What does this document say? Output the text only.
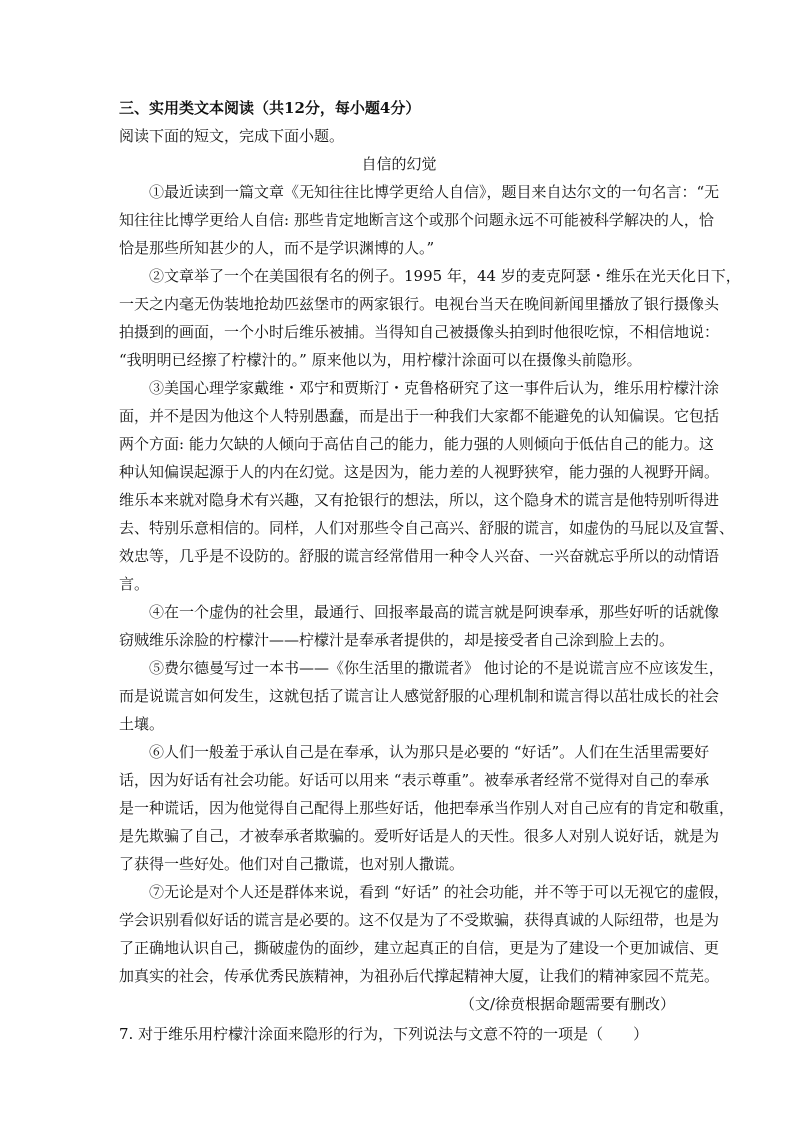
三、实用类文本阅读（共12分，每小题4分）
阅读下面的短文，完成下面小题。
自信的幻觉
①最近读到一篇文章《无知往往比博学更给人自信》，题目来自达尔文的一句名言：“无
知往往比博学更给人自信: 那些肯定地断言这个或那个问题永远不可能被科学解决的人，恰
恰是那些所知甚少的人，而不是学识渊博的人。”
②文章举了一个在美国很有名的例子。1995 年，44 岁的麦克阿瑟・维乐在光天化日下，
一天之内毫无伪装地抢劫匹兹堡市的两家银行。电视台当天在晚间新闻里播放了银行摄像头
拍摄到的画面，一个小时后维乐被捕。当得知自己被摄像头拍到时他很吃惊，不相信地说：
“我明明已经擦了柠檬汁的。” 原来他以为，用柠檬汁涂面可以在摄像头前隐形。
③美国心理学家戴维・邓宁和贾斯汀・克鲁格研究了这一事件后认为，维乐用柠檬汁涂
面，并不是因为他这个人特别愚蠢，而是出于一种我们大家都不能避免的认知偏误。它包括
两个方面: 能力欠缺的人倾向于高估自己的能力，能力强的人则倾向于低估自己的能力。这
种认知偏误起源于人的内在幻觉。这是因为，能力差的人视野狭窄，能力强的人视野开阔。
维乐本来就对隐身术有兴趣，又有抢银行的想法，所以，这个隐身术的谎言是他特别听得进
去、特别乐意相信的。同样，人们对那些令自己高兴、舒服的谎言，如虚伪的马屁以及宣誓、
效忠等，几乎是不设防的。舒服的谎言经常借用一种令人兴奋、一兴奋就忘乎所以的动情语
言。
④在一个虚伪的社会里，最通行、回报率最高的谎言就是阿谀奉承，那些好听的话就像
窃贼维乐涂脸的柠檬汁——柠檬汁是奉承者提供的，却是接受者自己涂到脸上去的。
⑤费尔德曼写过一本书——《你生活里的撒谎者》 他讨论的不是说谎言应不应该发生，
而是说谎言如何发生，这就包括了谎言让人感觉舒服的心理机制和谎言得以茁壮成长的社会
土壤。
⑥人们一般羞于承认自己是在奉承，认为那只是必要的 “好话”。人们在生活里需要好
话，因为好话有社会功能。好话可以用来 “表示尊重”。被奉承者经常不觉得对自己的奉承
是一种谎话，因为他觉得自己配得上那些好话，他把奉承当作别人对自己应有的肯定和敬重，
是先欺骗了自己，才被奉承者欺骗的。爱听好话是人的天性。很多人对别人说好话，就是为
了获得一些好处。他们对自己撒谎，也对别人撒谎。
⑦无论是对个人还是群体来说，看到 “好话” 的社会功能，并不等于可以无视它的虚假，
学会识别看似好话的谎言是必要的。这不仅是为了不受欺骗，获得真诚的人际纽带，也是为
了正确地认识自己，撕破虚伪的面纱，建立起真正的自信，更是为了建设一个更加诚信、更
加真实的社会，传承优秀民族精神，为祖孙后代撑起精神大厦，让我们的精神家园不荒芜。
（文/徐贲根据命题需要有删改）
7. 对于维乐用柠檬汁涂面来隐形的行为，下列说法与文意不符的一项是（　　）
